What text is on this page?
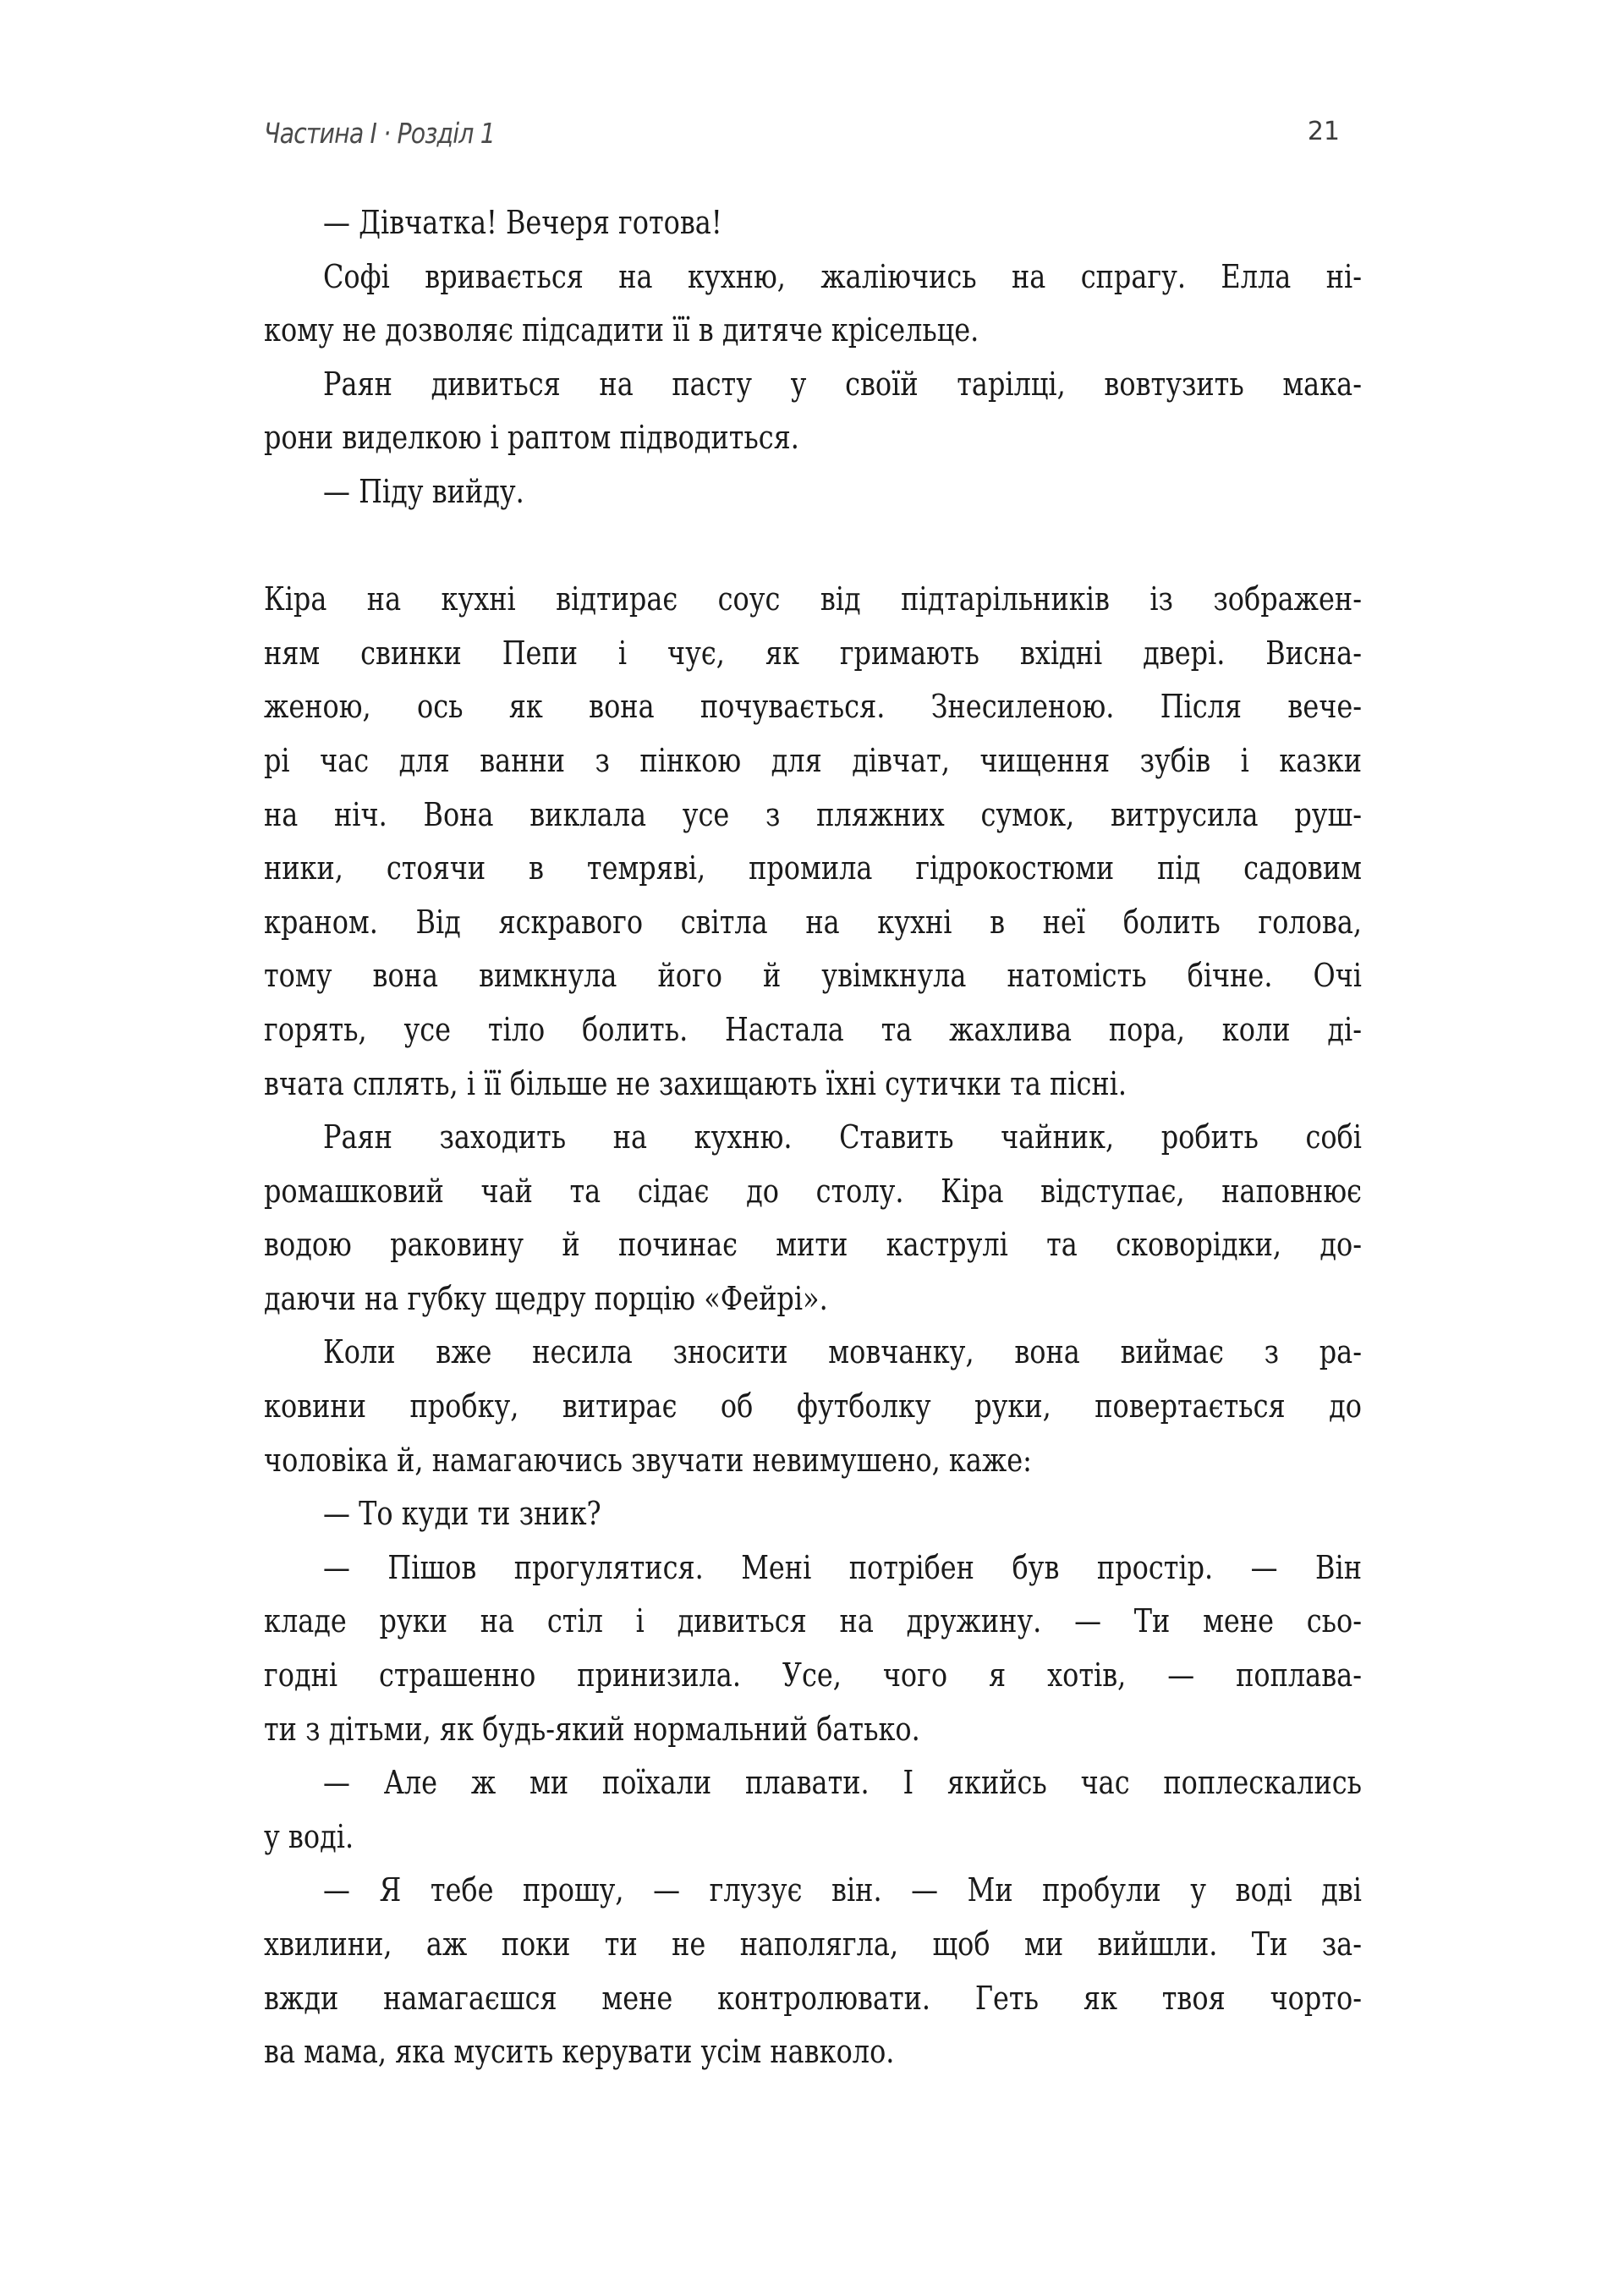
Частина І · Розділ 1	21
— Дівчатка! Вечеря готова!
Софі вривається на кухню, жаліючись на спрагу. Елла ні-
кому не дозволяє підсадити її в дитяче крісельце.
Раян дивиться на пасту у своїй тарілці, вовтузить мака-
рони виделкою і раптом підводиться.
— Піду вийду.
Кіра на кухні відтирає соус від підтарільників із зображен-
ням свинки Пепи і чує, як гримають вхідні двері. Висна-
женою, ось як вона почувається. Знесиленою. Після вече-
рі час для ванни з пінкою для дівчат, чищення зубів і казки
на ніч. Вона виклала усе з пляжних сумок, витрусила руш-
ники, стоячи в темряві, промила гідрокостюми під садовим
краном. Від яскравого світла на кухні в неї болить голова,
тому вона вимкнула його й увімкнула натомість бічне. Очі
горять, усе тіло болить. Настала та жахлива пора, коли ді-
вчата сплять, і її більше не захищають їхні сутички та пісні.
Раян заходить на кухню. Ставить чайник, робить собі
ромашковий чай та сідає до столу. Кіра відступає, наповнює
водою раковину й починає мити каструлі та сковорідки, до-
даючи на губку щедру порцію «Фейрі».
Коли вже несила зносити мовчанку, вона виймає з ра-
ковини пробку, витирає об футболку руки, повертається до
чоловіка й, намагаючись звучати невимушено, каже:
— То куди ти зник?
— Пішов прогулятися. Мені потрібен був простір. — Він
кладе руки на стіл і дивиться на дружину. — Ти мене сьо-
годні страшенно принизила. Усе, чого я хотів, — поплава-
ти з дітьми, як будь-який нормальний батько.
— Але ж ми поїхали плавати. І якийсь час поплескались
у воді.
— Я тебе прошу, — глузує він. — Ми пробули у воді дві
хвилини, аж поки ти не наполягла, щоб ми вийшли. Ти за-
вжди намагаєшся мене контролювати. Геть як твоя чорто-
ва мама, яка мусить керувати усім навколо.
